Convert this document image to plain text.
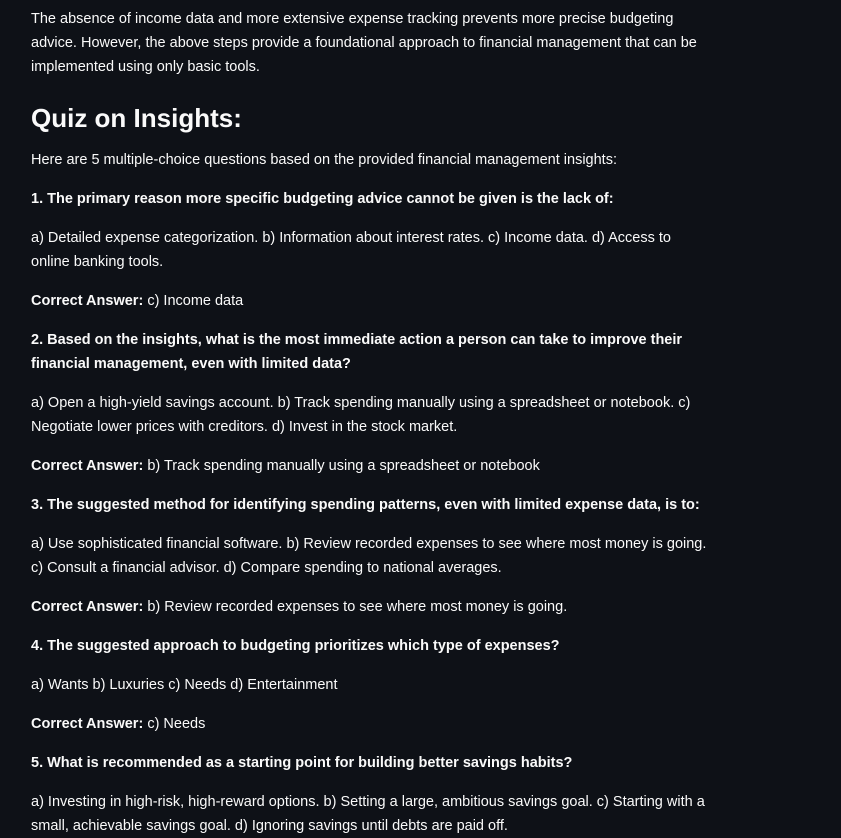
The absence of income data and more extensive expense tracking prevents more precise budgeting advice. However, the above steps provide a foundational approach to financial management that can be implemented using only basic tools.

Quiz on Insights:

Here are 5 multiple-choice questions based on the provided financial management insights:

1. The primary reason more specific budgeting advice cannot be given is the lack of:

a) Detailed expense categorization. b) Information about interest rates. c) Income data. d) Access to online banking tools.

Correct Answer: c) Income data

2. Based on the insights, what is the most immediate action a person can take to improve their financial management, even with limited data?

a) Open a high-yield savings account. b) Track spending manually using a spreadsheet or notebook. c) Negotiate lower prices with creditors. d) Invest in the stock market.

Correct Answer: b) Track spending manually using a spreadsheet or notebook

3. The suggested method for identifying spending patterns, even with limited expense data, is to:

a) Use sophisticated financial software. b) Review recorded expenses to see where most money is going. c) Consult a financial advisor. d) Compare spending to national averages.

Correct Answer: b) Review recorded expenses to see where most money is going.

4. The suggested approach to budgeting prioritizes which type of expenses?

a) Wants b) Luxuries c) Needs d) Entertainment

Correct Answer: c) Needs

5. What is recommended as a starting point for building better savings habits?

a) Investing in high-risk, high-reward options. b) Setting a large, ambitious savings goal. c) Starting with a small, achievable savings goal. d) Ignoring savings until debts are paid off.
